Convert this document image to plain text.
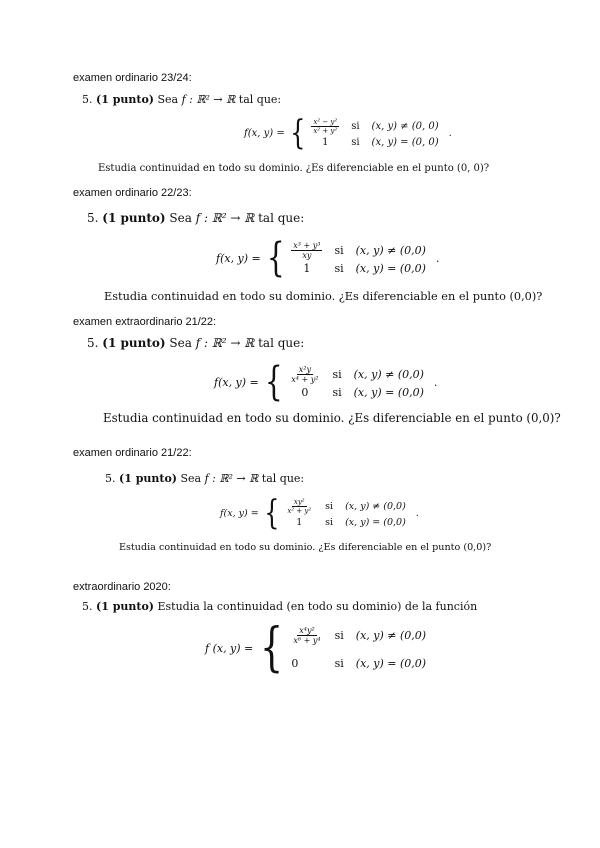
examen ordinario 23/24:
5. (1 punto) Sea f : ℝ² → ℝ tal que:
f(x, y) = { $\frac{\text{x² − y²}}{\text{x² + y²}}$ si (x, y) ≠ (0, 0)
1	si (x, y) = (0, 0)
.
Estudia continuidad en todo su dominio. ¿Es diferenciable en el punto (0, 0)?
examen ordinario 22/23:
5. (1 punto) Sea f : ℝ² → ℝ tal que:
f(x, y) = { $\frac{\text{x³ + y³}}{xy}$ si (x, y) ≠ (0,0)
1	si (x, y) = (0,0)
.
Estudia continuidad en todo su dominio. ¿Es diferenciable en el punto (0,0)?
examen extraordinario 21/22:
5. (1 punto) Sea f : ℝ² → ℝ tal que:
f(x, y) = { $\frac{\text{x²y}}{\text{x⁴ + y²}}$ si (x, y) ≠ (0,0)
0	si (x, y) = (0,0)
.
Estudia continuidad en todo su dominio. ¿Es diferenciable en el punto (0,0)?
examen ordinario 21/22:
5. (1 punto) Sea f : ℝ² → ℝ tal que:
f(x, y) = { $\frac{\text{xy²}}{\text{x² + y²}}$ si (x, y) ≠ (0,0)
1	si (x, y) = (0,0)
.
Estudia continuidad en todo su dominio. ¿Es diferenciable en el punto (0,0)?
extraordinario 2020:
5. (1 punto) Estudia la continuidad (en todo su dominio) de la función
f (x, y) = { $\frac{\text{x⁴y²}}{\text{x⁶ + y⁴}}$ si (x, y) ≠ (0,0)
0	si (x, y) = (0,0)
